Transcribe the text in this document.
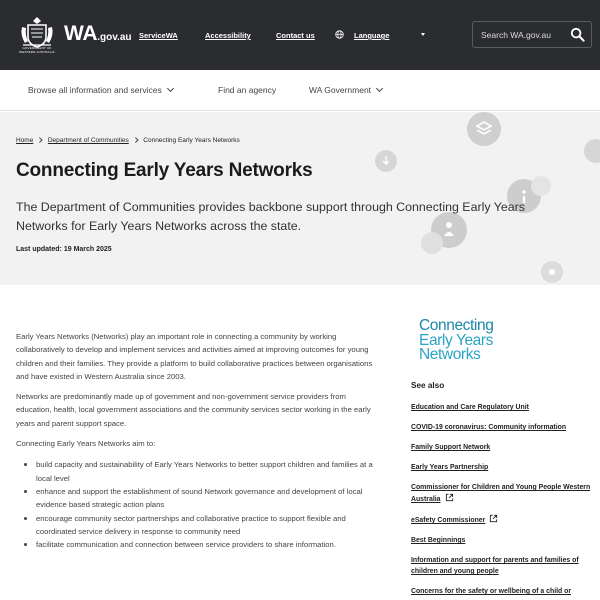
GOVERNMENT OF WESTERN AUSTRALIA
WA.gov.au ServiceWA	Accessibility	Contact us	Language	Search WA.gov.au
Browse all information and services	Find an agency	WA Government
Home Department of Communities Connecting Early Years Networks
Connecting Early Years Networks

The Department of Communities provides backbone support through Connecting Early Years Networks for Early Years Networks across the state.

Last updated: 19 March 2025

Early Years Networks (Networks) play an important role in connecting a community by working collaboratively to develop and implement services and activities aimed at improving outcomes for young children and their families. They provide a platform to build collaborative practices between organisations and have existed in Western Australia since 2003.

Networks are predominantly made up of government and non-government service providers from education, health, local government associations and the community services sector working in the early years and parent support space.

Connecting Early Years Networks aim to:

build capacity and sustainability of Early Years Networks to better support children and families at a local level
enhance and support the establishment of sound Network governance and development of local evidence based strategic action plans
encourage community sector partnerships and collaborative practice to support flexible and coordinated service delivery in response to community need
facilitate communication and connection between service providers to share information.
Connecting
Early Years
Networks
See also
Education and Care Regulatory Unit
COVID-19 coronavirus: Community information
Family Support Network
Early Years Partnership
Commissioner for Children and Young People Western Australia
eSafety Commissioner
Best Beginnings
Information and support for parents and families of children and young people
Concerns for the safety or wellbeing of a child or
